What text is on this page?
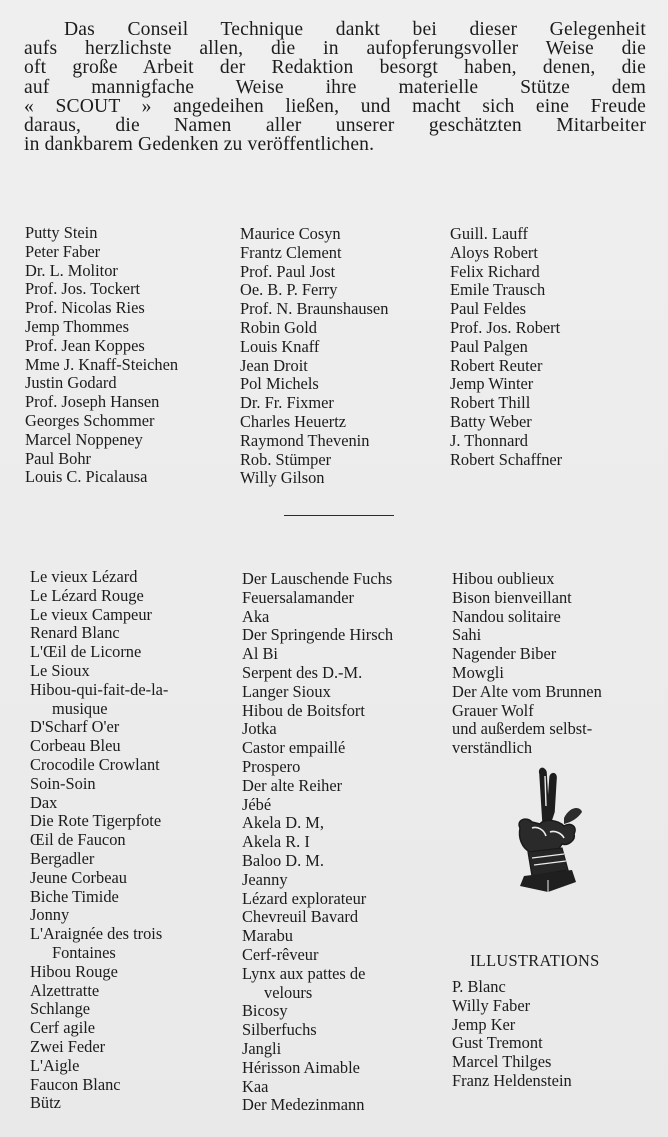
Das Conseil Technique dankt bei dieser Gelegenheit
aufs herzlichste allen, die in aufopferungsvoller Weise die
oft große Arbeit der Redaktion besorgt haben, denen, die
auf mannigfache Weise ihre materielle Stütze dem
« SCOUT » angedeihen ließen, und macht sich eine Freude
daraus, die Namen aller unserer geschätzten Mitarbeiter
in dankbarem Gedenken zu veröffentlichen.
Putty Stein
Peter Faber
Dr. L. Molitor
Prof. Jos. Tockert
Prof. Nicolas Ries
Jemp Thommes
Prof. Jean Koppes
Mme J. Knaff-Steichen
Justin Godard
Prof. Joseph Hansen
Georges Schommer
Marcel Noppeney
Paul Bohr
Louis C. Picalausa
Maurice Cosyn
Frantz Clement
Prof. Paul Jost
Oe. B. P. Ferry
Prof. N. Braunshausen
Robin Gold
Louis Knaff
Jean Droit
Pol Michels
Dr. Fr. Fixmer
Charles Heuertz
Raymond Thevenin
Rob. Stümper
Willy Gilson
Guill. Lauff
Aloys Robert
Felix Richard
Emile Trausch
Paul Feldes
Prof. Jos. Robert
Paul Palgen
Robert Reuter
Jemp Winter
Robert Thill
Batty Weber
J. Thonnard
Robert Schaffner
Le vieux Lézard
Le Lézard Rouge
Le vieux Campeur
Renard Blanc
L'Œil de Licorne
Le Sioux
Hibou-qui-fait-de-la-
musique
D'Scharf O'er
Corbeau Bleu
Crocodile Crowlant
Soin-Soin
Dax
Die Rote Tigerpfote
Œil de Faucon
Bergadler
Jeune Corbeau
Biche Timide
Jonny
L'Araignée des trois
Fontaines
Hibou Rouge
Alzettratte
Schlange
Cerf agile
Zwei Feder
L'Aigle
Faucon Blanc
Bütz
Der Lauschende Fuchs
Feuersalamander
Aka
Der Springende Hirsch
Al Bi
Serpent des D.-M.
Langer Sioux
Hibou de Boitsfort
Jotka
Castor empaillé
Prospero
Der alte Reiher
Jébé
Akela D. M,
Akela R. I
Baloo D. M.
Jeanny
Lézard explorateur
Chevreuil Bavard
Marabu
Cerf-rêveur
Lynx aux pattes de
velours
Bicosy
Silberfuchs
Jangli
Hérisson Aimable
Kaa
Der Medezinmann
Hibou oublieux
Bison bienveillant
Nandou solitaire
Sahi
Nagender Biber
Mowgli
Der Alte vom Brunnen
Grauer Wolf
und außerdem selbst-
verständlich
ILLUSTRATIONS
P. Blanc
Willy Faber
Jemp Ker
Gust Tremont
Marcel Thilges
Franz Heldenstein
